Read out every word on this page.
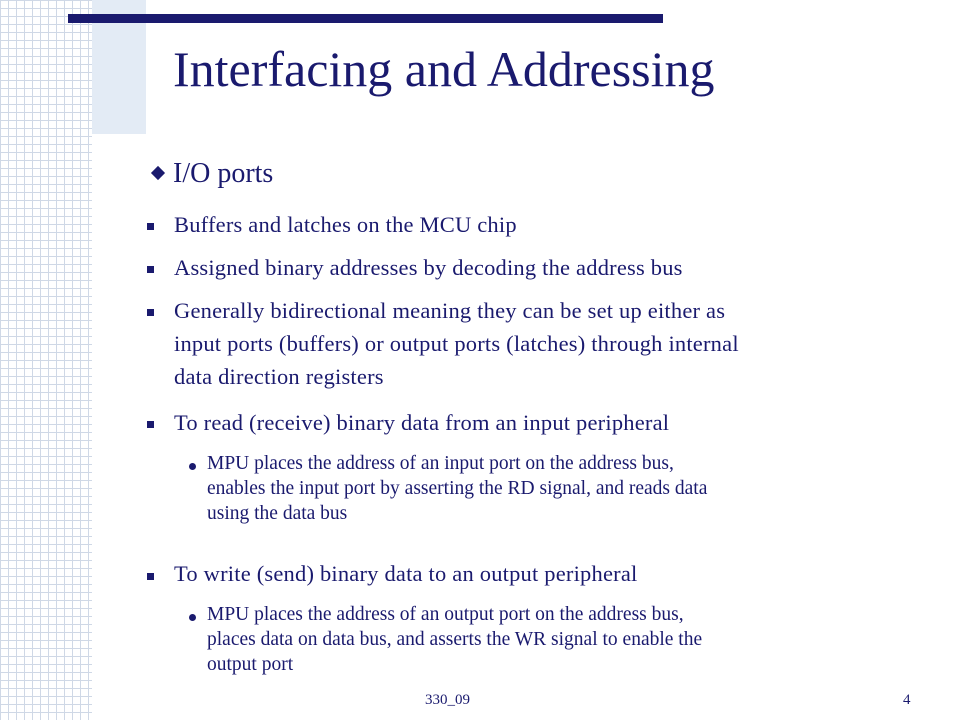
Interfacing and Addressing
I/O ports
Buffers and latches on the MCU chip
Assigned binary addresses by decoding the address bus
Generally bidirectional meaning they can be set up either as
input ports (buffers) or output ports (latches) through internal
data direction registers
To read (receive) binary data from an input peripheral
MPU places the address of an input port on the address bus,
enables the input port by asserting the RD signal, and reads data
using the data bus
To write (send) binary data to an output peripheral
MPU places the address of an output port on the address bus,
places data on data bus, and asserts the WR signal to enable the
output port
330_09	4
